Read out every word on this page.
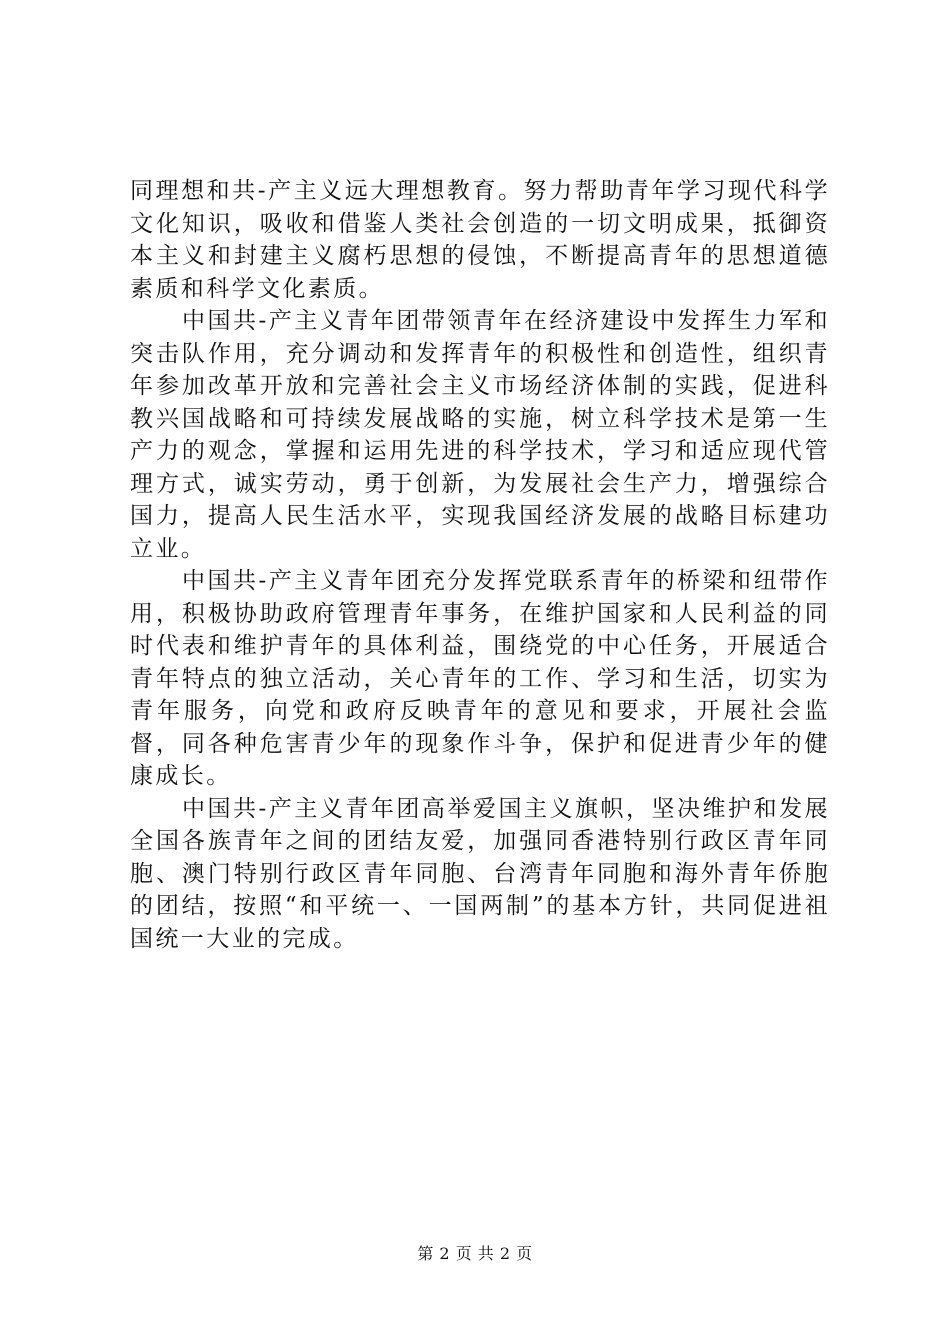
同理想和共-产主义远大理想教育。努力帮助青年学习现代科学文化知识，吸收和借鉴人类社会创造的一切文明成果，抵御资本主义和封建主义腐朽思想的侵蚀，不断提高青年的思想道德素质和科学文化素质。

中国共-产主义青年团带领青年在经济建设中发挥生力军和突击队作用，充分调动和发挥青年的积极性和创造性，组织青年参加改革开放和完善社会主义市场经济体制的实践，促进科教兴国战略和可持续发展战略的实施，树立科学技术是第一生产力的观念，掌握和运用先进的科学技术，学习和适应现代管理方式，诚实劳动，勇于创新，为发展社会生产力，增强综合国力，提高人民生活水平，实现我国经济发展的战略目标建功立业。

中国共-产主义青年团充分发挥党联系青年的桥梁和纽带作用，积极协助政府管理青年事务，在维护国家和人民利益的同时代表和维护青年的具体利益，围绕党的中心任务，开展适合青年特点的独立活动，关心青年的工作、学习和生活，切实为青年服务，向党和政府反映青年的意见和要求，开展社会监督，同各种危害青少年的现象作斗争，保护和促进青少年的健康成长。

中国共-产主义青年团高举爱国主义旗帜，坚决维护和发展全国各族青年之间的团结友爱，加强同香港特别行政区青年同胞、澳门特别行政区青年同胞、台湾青年同胞和海外青年侨胞的团结，按照“和平统一、一国两制”的基本方针，共同促进祖国统一大业的完成。

第 2 页 共 2 页
